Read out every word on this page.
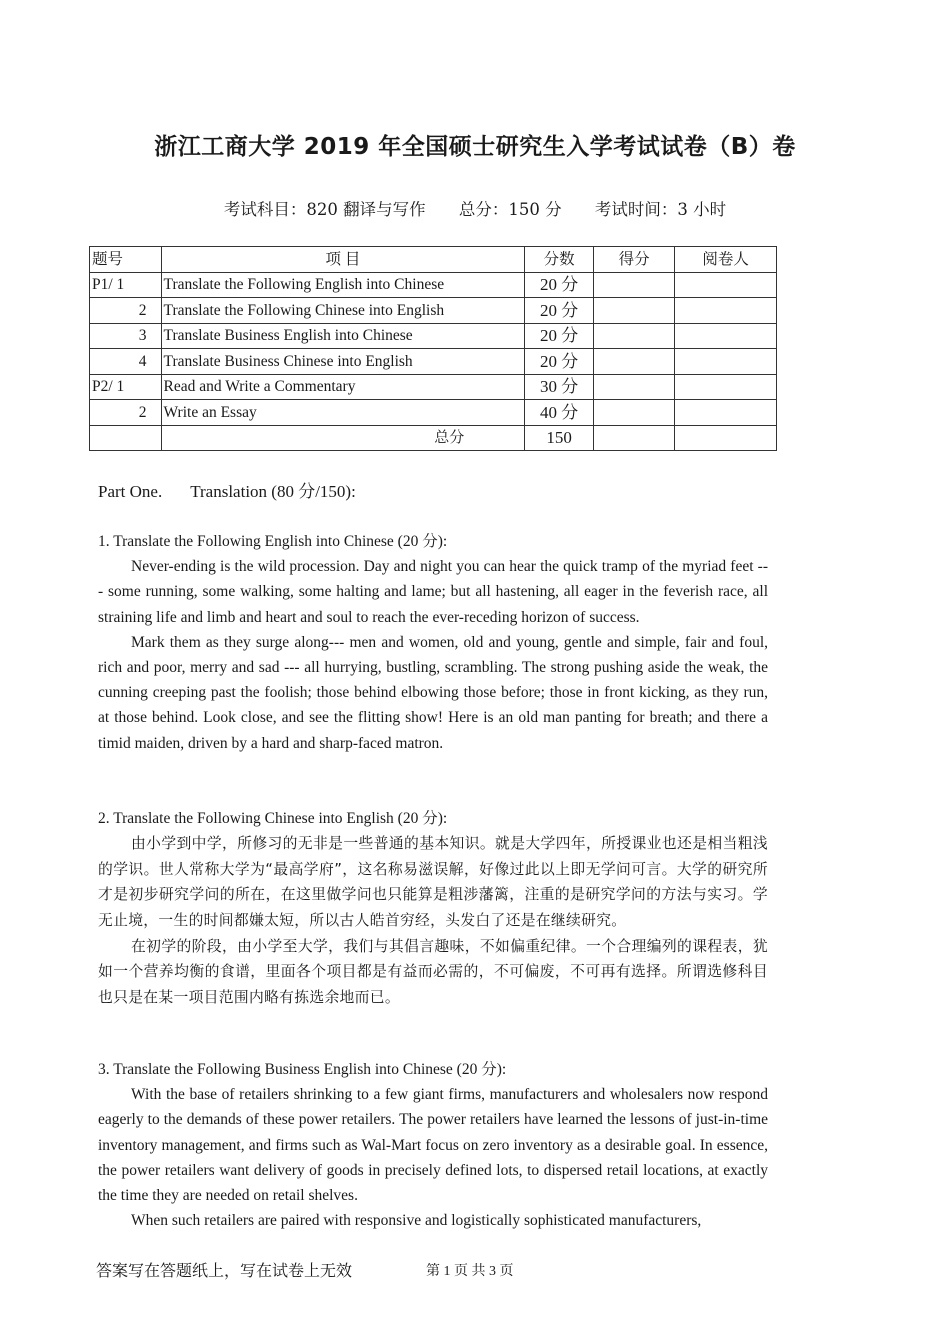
浙江工商大学 2019 年全国硕士研究生入学考试试卷（B）卷
考试科目：820 翻译与写作 总分：150 分 考试时间：3 小时
题号	项 目	分数	得分	阅卷人
P1/ 1	Translate the Following English into Chinese	20 分		
2	Translate the Following Chinese into English	20 分		
3	Translate Business English into Chinese	20 分		
4	Translate Business Chinese into English	20 分		
P2/ 1	Read and Write a Commentary	30 分		
2	Write an Essay	40 分		
	总分	150		
Part One. Translation (80 分/150):
1. Translate the Following English into Chinese (20 分):

Never-ending is the wild procession. Day and night you can hear the quick tramp of the myriad feet --- some running, some walking, some halting and lame; but all hastening, all eager in the feverish race, all straining life and limb and heart and soul to reach the ever-receding horizon of success.

Mark them as they surge along--- men and women, old and young, gentle and simple, fair and foul, rich and poor, merry and sad --- all hurrying, bustling, scrambling. The strong pushing aside the weak, the cunning creeping past the foolish; those behind elbowing those before; those in front kicking, as they run, at those behind. Look close, and see the flitting show! Here is an old man panting for breath; and there a timid maiden, driven by a hard and sharp-faced matron.

2. Translate the Following Chinese into English (20 分):

由小学到中学，所修习的无非是一些普通的基本知识。就是大学四年，所授课业也还是相当粗浅的学识。世人常称大学为“最高学府”，这名称易滋误解，好像过此以上即无学问可言。大学的研究所才是初步研究学问的所在，在这里做学问也只能算是粗涉藩篱，注重的是研究学问的方法与实习。学无止境，一生的时间都嫌太短，所以古人皓首穷经，头发白了还是在继续研究。

在初学的阶段，由小学至大学，我们与其倡言趣味，不如偏重纪律。一个合理编列的课程表，犹如一个营养均衡的食谱，里面各个项目都是有益而必需的，不可偏废，不可再有选择。所谓选修科目也只是在某一项目范围内略有拣选余地而已。

3. Translate the Following Business English into Chinese (20 分):

With the base of retailers shrinking to a few giant firms, manufacturers and wholesalers now respond eagerly to the demands of these power retailers. The power retailers have learned the lessons of just-in-time inventory management, and firms such as Wal-Mart focus on zero inventory as a desirable goal. In essence, the power retailers want delivery of goods in precisely defined lots, to dispersed retail locations, at exactly the time they are needed on retail shelves.

When such retailers are paired with responsive and logistically sophisticated manufacturers,

答案写在答题纸上，写在试卷上无效	第 1 页 共 3 页
